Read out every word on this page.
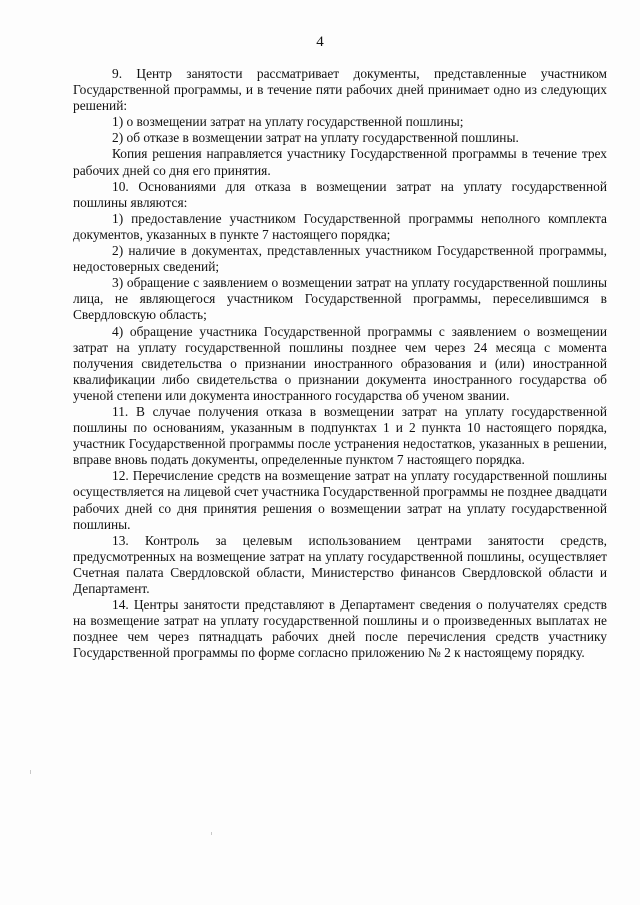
4

9. Центр занятости рассматривает документы, представленные участником Государственной программы, и в течение пяти рабочих дней принимает одно из следующих решений:

1) о возмещении затрат на уплату государственной пошлины;

2) об отказе в возмещении затрат на уплату государственной пошлины.

Копия решения направляется участнику Государственной программы в течение трех рабочих дней со дня его принятия.

10. Основаниями для отказа в возмещении затрат на уплату государственной пошлины являются:

1) предоставление участником Государственной программы неполного комплекта документов, указанных в пункте 7 настоящего порядка;

2) наличие в документах, представленных участником Государственной программы, недостоверных сведений;

3) обращение с заявлением о возмещении затрат на уплату государственной пошлины лица, не являющегося участником Государственной программы, переселившимся в Свердловскую область;

4) обращение участника Государственной программы с заявлением о возмещении затрат на уплату государственной пошлины позднее чем через 24 месяца с момента получения свидетельства о признании иностранного образования и (или) иностранной квалификации либо свидетельства о признании документа иностранного государства об ученой степени или документа иностранного государства об ученом звании.

11. В случае получения отказа в возмещении затрат на уплату государственной пошлины по основаниям, указанным в подпунктах 1 и 2 пункта 10 настоящего порядка, участник Государственной программы после устранения недостатков, указанных в решении, вправе вновь подать документы, определенные пунктом 7 настоящего порядка.

12. Перечисление средств на возмещение затрат на уплату государственной пошлины осуществляется на лицевой счет участника Государственной программы не позднее двадцати рабочих дней со дня принятия решения о возмещении затрат на уплату государственной пошлины.

13. Контроль за целевым использованием центрами занятости средств, предусмотренных на возмещение затрат на уплату государственной пошлины, осуществляет Счетная палата Свердловской области, Министерство финансов Свердловской области и Департамент.

14. Центры занятости представляют в Департамент сведения о получателях средств на возмещение затрат на уплату государственной пошлины и о произведенных выплатах не позднее чем через пятнадцать рабочих дней после перечисления средств участнику Государственной программы по форме согласно приложению № 2 к настоящему порядку.
